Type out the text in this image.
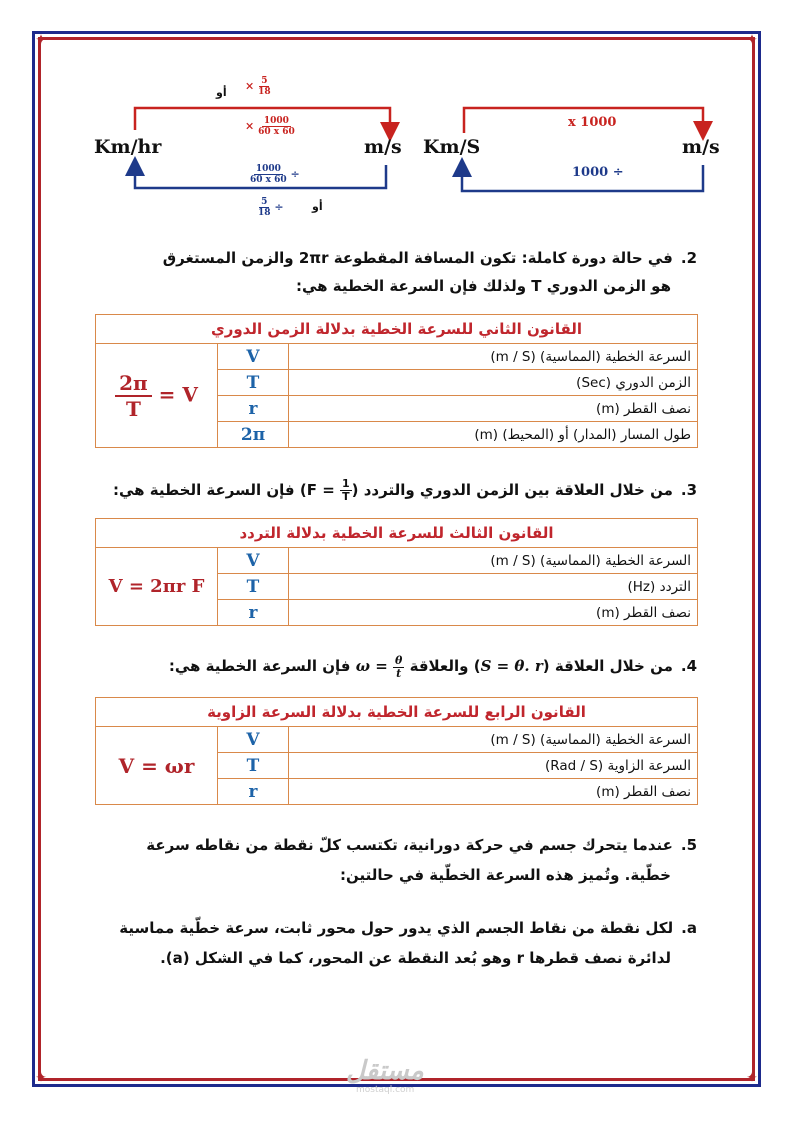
✦	✦
✦	✦
Km/hr	m/s
أو × $\frac{5}{18}$
× $\frac{1000}{60 x 60}$
$\frac{1000}{60 x 60}$ ÷
$\frac{5}{18}$ ÷	أو
Km/S	m/s
x 1000
1000 ÷
2.في حالة دورة كاملة: تكون المسافة المقطوعة 2πr والزمن المستغرق
هو الزمن الدوري T ولذلك فإن السرعة الخطية هي:
القانون الثاني للسرعة الخطية بدلالة الزمن الدوري		
السرعة الخطية (المماسية) (m / S)	V	V =
$\frac{2\pi}{T}$

الزمن الدوري (Sec)	T	
نصف القطر (m)	r	
طول المسار (المدار) أو (المحيط) (m)	2π	
3.من خلال العلاقة بين الزمن الدوري والتردد ($F = \frac{1}{T}$
) فإن السرعة الخطية هي:
القانون الثالث للسرعة الخطية بدلالة التردد		
السرعة الخطية (المماسية) (m / S)	V	V = 2πr F
التردد (Hz)	T	
نصف القطر (m)	r	
4.من خلال العلاقة (S = θ. r) والعلاقة $\omega = \frac{\theta}{t}$
فإن السرعة الخطية هي:
القانون الرابع للسرعة الخطية بدلالة السرعة الزاوية		
السرعة الخطية (المماسية) (m / S)	V	V = ωr
السرعة الزاوية (Rad / S)	T	
نصف القطر (m)	r	
5.عندما يتحرك جسم في حركة دورانية، تكتسب كلّ نقطة من نقاطه سرعة
خطّية. وتُميز هذه السرعة الخطّية في حالتين:
a.لكل نقطة من نقاط الجسم الذي يدور حول محور ثابت، سرعة خطّية مماسية
لدائرة نصف قطرها r وهو بُعد النقطة عن المحور، كما في الشكل (a).
مستقل
mostaql.com
